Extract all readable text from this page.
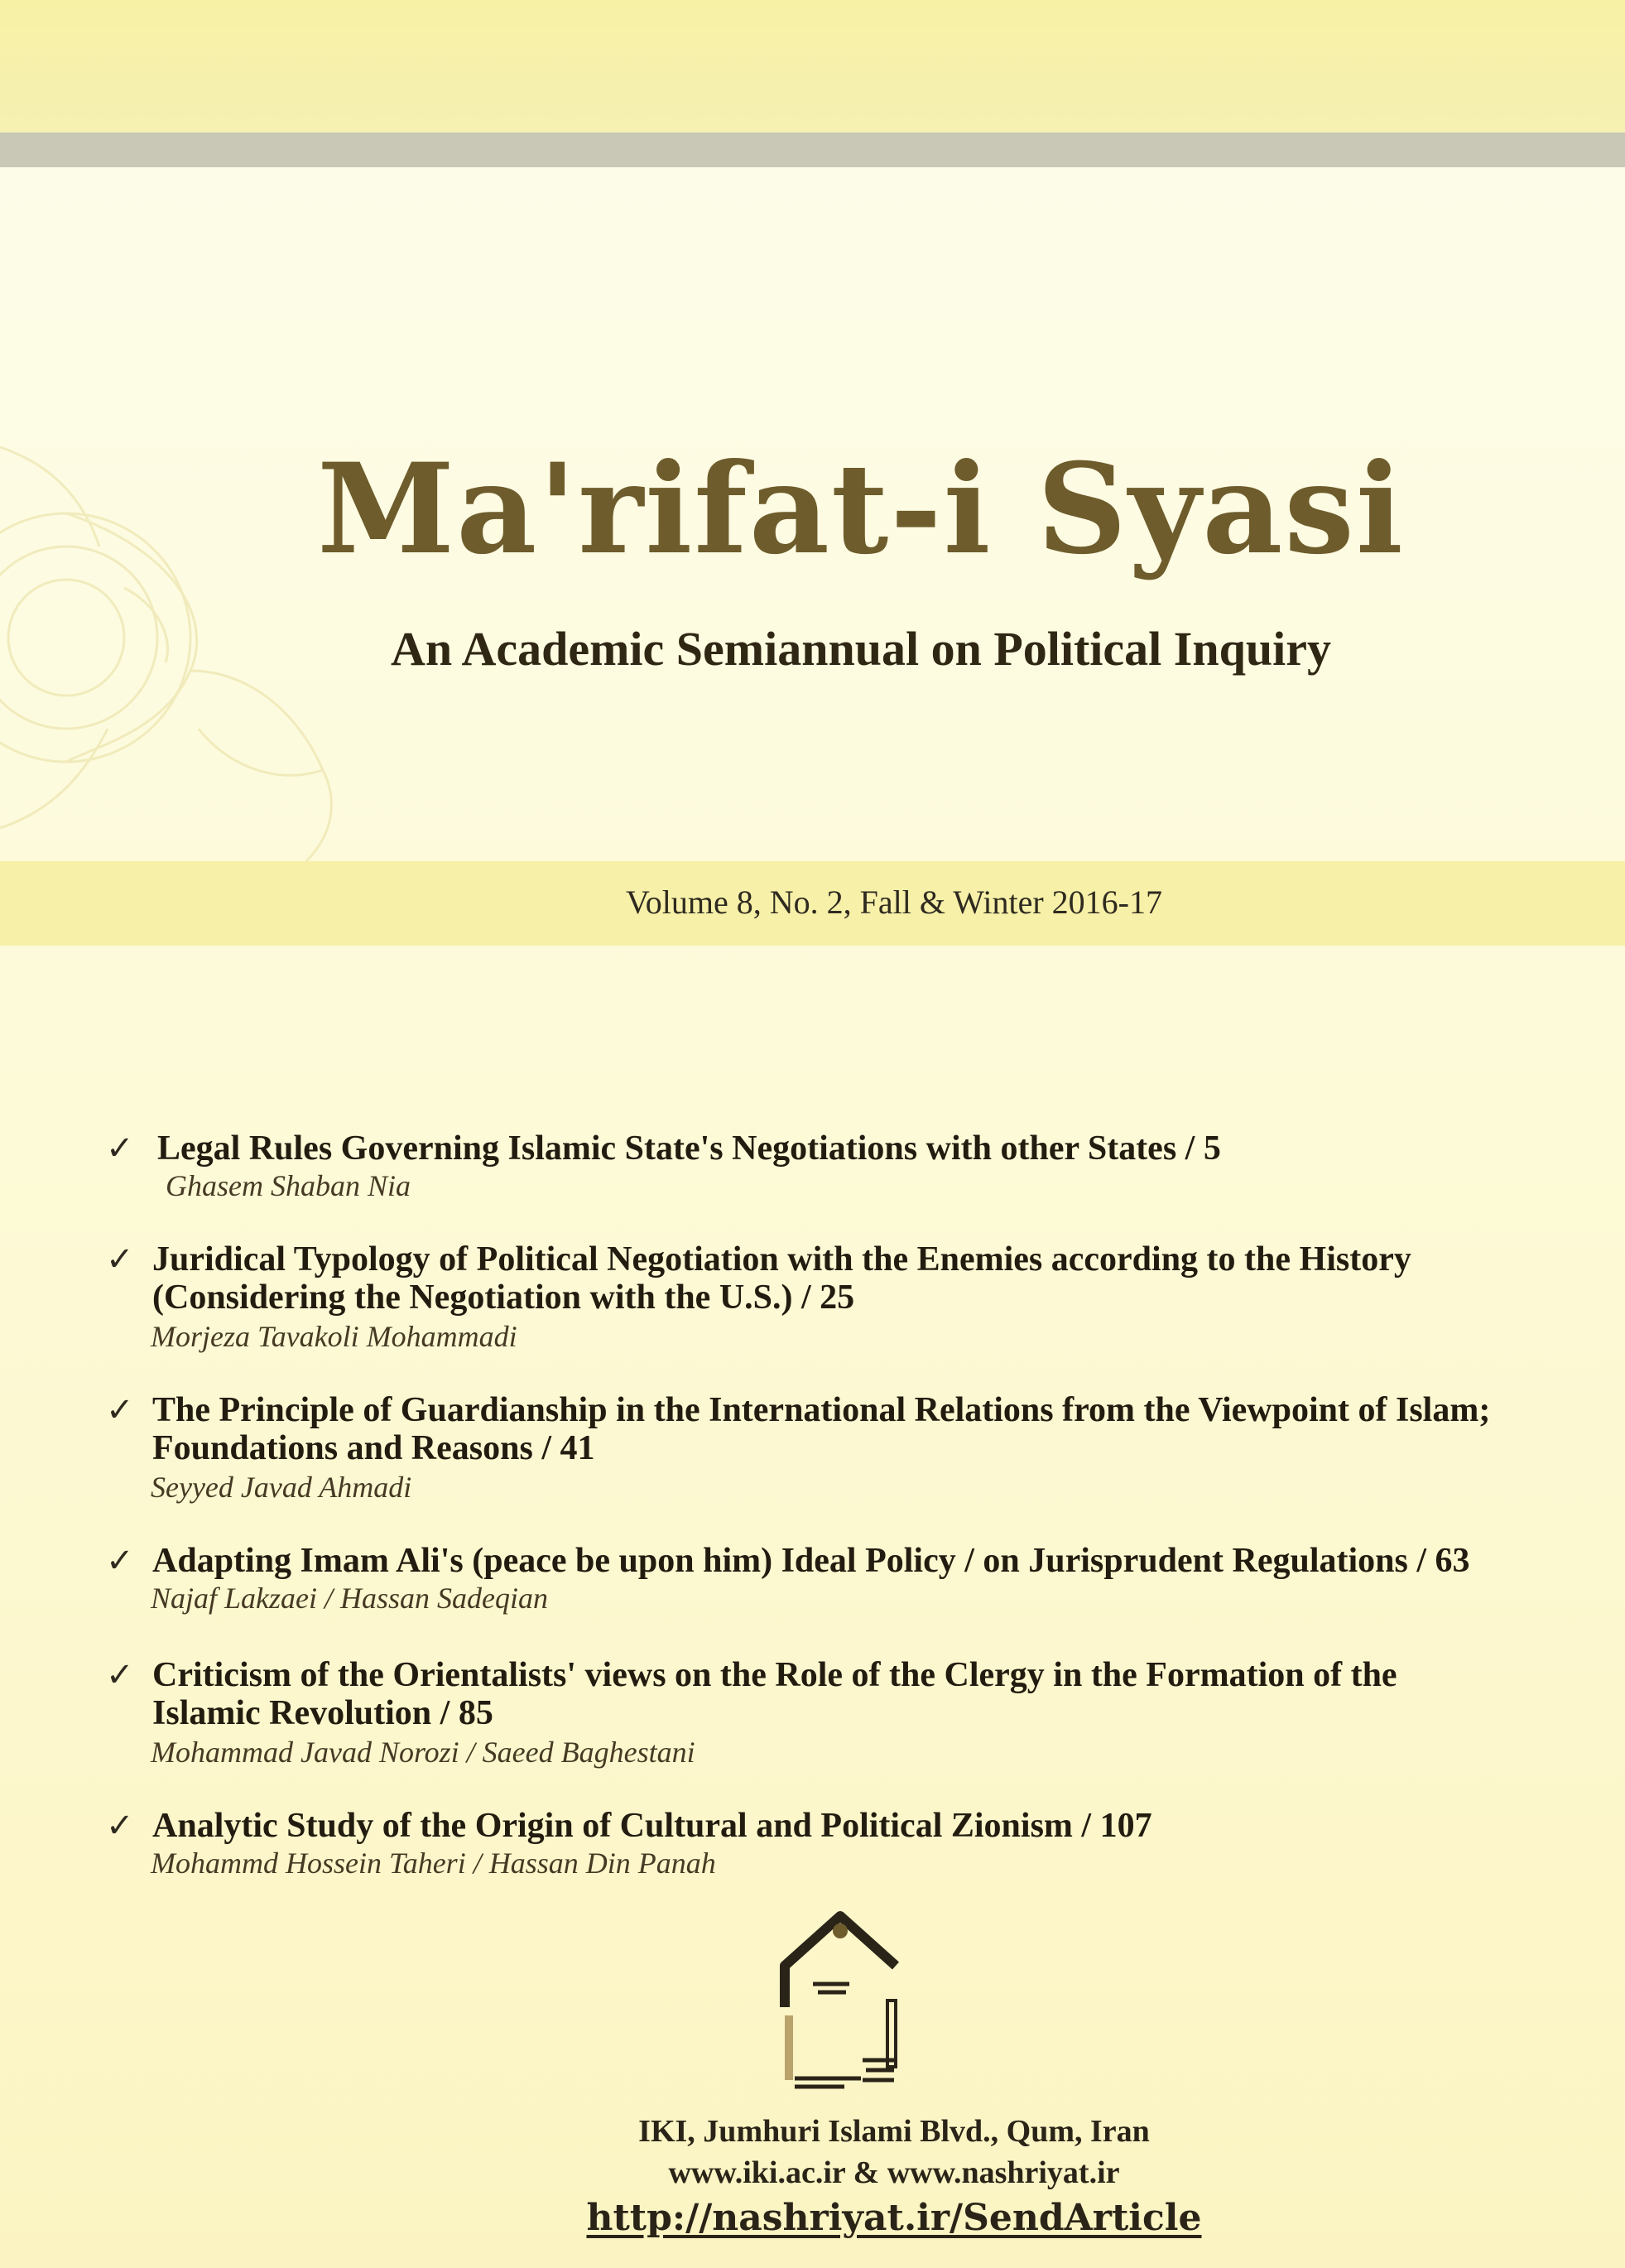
Ma'rifat-i Syasi
An Academic Semiannual on Political Inquiry
Volume 8, No. 2, Fall & Winter 2016-17
✓ Legal Rules Governing Islamic State's Negotiations with other States / 5
Ghasem Shaban Nia
✓ Juridical Typology of Political Negotiation with the Enemies according to the History
(Considering the Negotiation with the U.S.) / 25
Morjeza Tavakoli Mohammadi
✓ The Principle of Guardianship in the International Relations from the Viewpoint of Islam;
Foundations and Reasons / 41
Seyyed Javad Ahmadi
✓ Adapting Imam Ali's (peace be upon him) Ideal Policy / on Jurisprudent Regulations / 63
Najaf Lakzaei / Hassan Sadeqian
✓ Criticism of the Orientalists' views on the Role of the Clergy in the Formation of the
Islamic Revolution / 85
Mohammad Javad Norozi / Saeed Baghestani
✓ Analytic Study of the Origin of Cultural and Political Zionism / 107
Mohammd Hossein Taheri / Hassan Din Panah
IKI, Jumhuri Islami Blvd., Qum, Iran
www.iki.ac.ir & www.nashriyat.ir
http://nashriyat.ir/SendArticle
